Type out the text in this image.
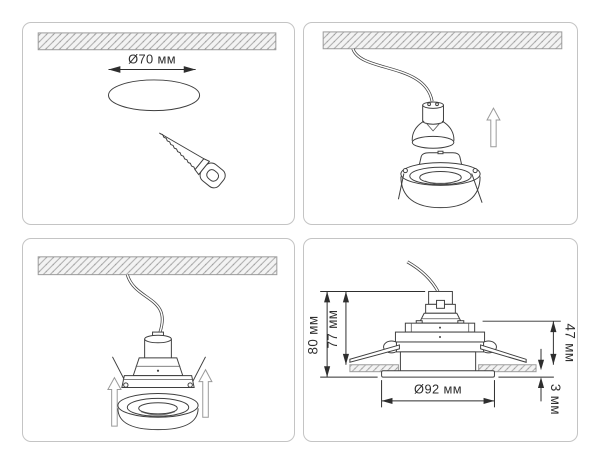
Ø70 мм
80 мм 77 мм	47 мм
3 мм
Ø92 мм
